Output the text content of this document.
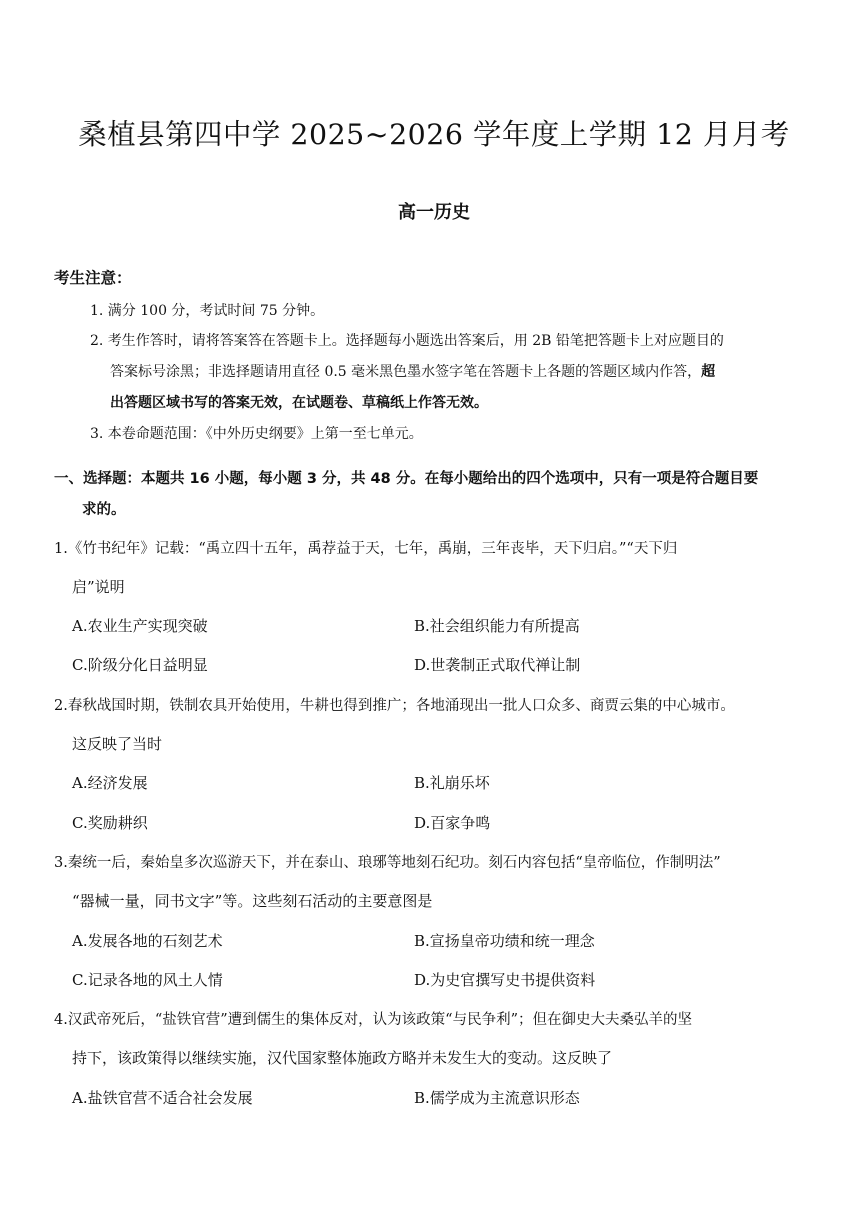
桑植县第四中学 2025~2026 学年度上学期 12 月月考
高一历史
考生注意：
1. 满分 100 分，考试时间 75 分钟。
2. 考生作答时，请将答案答在答题卡上。选择题每小题选出答案后，用 2B 铅笔把答题卡上对应题目的
答案标号涂黑；非选择题请用直径 0.5 毫米黑色墨水签字笔在答题卡上各题的答题区域内作答，超
出答题区域书写的答案无效，在试题卷、草稿纸上作答无效。
3. 本卷命题范围：《中外历史纲要》上第一至七单元。
一、选择题：本题共 16 小题，每小题 3 分，共 48 分。在每小题给出的四个选项中，只有一项是符合题目要
求的。
1.《竹书纪年》记载：“禹立四十五年，禹荐益于天，七年，禹崩，三年丧毕，天下归启。”“天下归
启”说明
A.农业生产实现突破	B.社会组织能力有所提高
C.阶级分化日益明显	D.世袭制正式取代禅让制
2.春秋战国时期，铁制农具开始使用，牛耕也得到推广；各地涌现出一批人口众多、商贾云集的中心城市。
这反映了当时
A.经济发展	B.礼崩乐坏
C.奖励耕织	D.百家争鸣
3.秦统一后，秦始皇多次巡游天下，并在泰山、琅琊等地刻石纪功。刻石内容包括“皇帝临位，作制明法”
“器械一量，同书文字”等。这些刻石活动的主要意图是
A.发展各地的石刻艺术	B.宣扬皇帝功绩和统一理念
C.记录各地的风土人情	D.为史官撰写史书提供资料
4.汉武帝死后，“盐铁官营”遭到儒生的集体反对，认为该政策“与民争利”；但在御史大夫桑弘羊的坚
持下，该政策得以继续实施，汉代国家整体施政方略并未发生大的变动。这反映了
A.盐铁官营不适合社会发展	B.儒学成为主流意识形态
